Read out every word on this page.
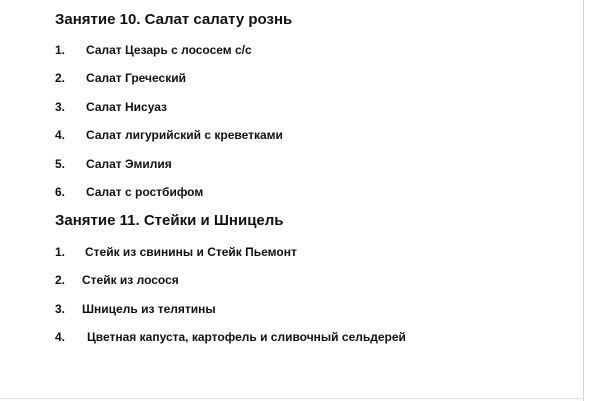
Занятие 10. Салат салату рознь
1. Салат Цезарь с лососем с/с
2. Салат Греческий
3. Салат Нисуаз
4. Салат лигурийский с креветками
5. Салат Эмилия
6. Салат с ростбифом
Занятие 11. Стейки и Шницель
1. Стейк из свинины и Стейк Пьемонт
2. Стейк из лосося
3. Шницель из телятины
4. Цветная капуста, картофель и сливочный сельдерей
